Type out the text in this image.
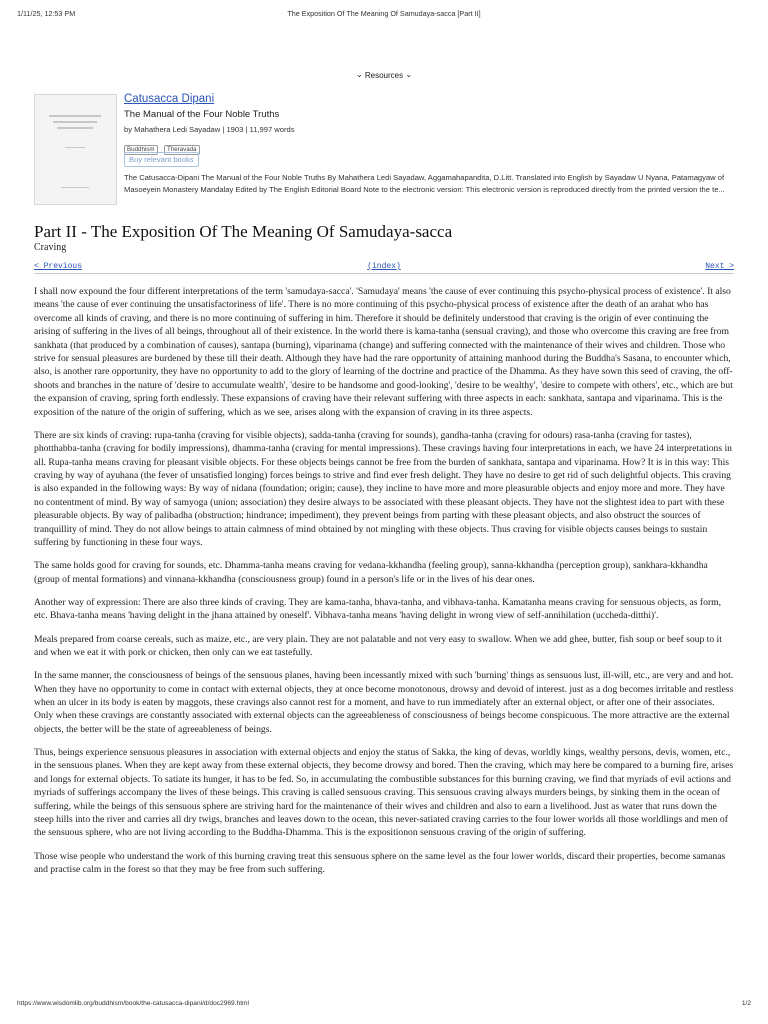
1/11/25, 12:53 PM	The Exposition Of The Meaning Of Samudaya-sacca [Part II]
⌄ Resources ⌄
Catusacca Dipani
The Manual of the Four Noble Truths
by Mahathera Ledi Sayadaw | 1903 | 11,997 words
Buddhism Theravada
Buy relevant books
The Catusacca-Dipani The Manual of the Four Noble Truths By Mahathera Ledi Sayadaw, Aggamahapandita, D.Litt. Translated into English by Sayadaw U Nyana, Patamagyaw of Masoeyein Monastery Mandalay Edited by The English Editorial Board Note to the electronic version: This electronic version is reproduced directly from the printed version the te...
Part II - The Exposition Of The Meaning Of Samudaya-sacca
Craving
< Previous	(index)	Next >

I shall now expound the four different interpretations of the term 'samudaya-sacca'. 'Samudaya' means 'the cause of ever continuing this psycho-physical process of existence'. It also means 'the cause of ever continuing the unsatisfactoriness of life'. There is no more continuing of this psycho-physical process of existence after the death of an arahat who has overcome all kinds of craving, and there is no more continuing of suffering in him. Therefore it should be definitely understood that craving is the origin of ever continuing the arising of suffering in the lives of all beings, throughout all of their existence. In the world there is kama-tanha (sensual craving), and those who overcome this craving are free from sankhata (that produced by a combination of causes), santapa (burning), viparinama (change) and suffering connected with the maintenance of their wives and children. Those who strive for sensual pleasures are burdened by these till their death. Although they have had the rare opportunity of attaining manhood during the Buddha's Sasana, to encounter which, also, is another rare opportunity, they have no opportunity to add to the glory of learning of the doctrine and practice of the Dhamma. As they have sown this seed of craving, the off-shoots and branches in the nature of 'desire to accumulate wealth', 'desire to be handsome and good-looking', 'desire to be wealthy', 'desire to compete with others', etc., which are but the expansion of craving, spring forth endlessly. These expansions of craving have their relevant suffering with three aspects in each: sankhata, santapa and viparinama. This is the exposition of the nature of the origin of suffering, which as we see, arises along with the expansion of craving in its three aspects.

There are six kinds of craving: rupa-tanha (craving for visible objects), sadda-tanha (craving for sounds), gandha-tanha (craving for odours) rasa-tanha (craving for tastes), photthabba-tanha (craving for bodily impressions), dhamma-tanha (craving for mental impressions). These cravings having four interpretations in each, we have 24 interpretations in all. Rupa-tanha means craving for pleasant visible objects. For these objects beings cannot be free from the burden of sankhata, santapa and viparinama. How? It is in this way: This craving by way of ayuhana (the fever of unsatisfied longing) forces beings to strive and find ever fresh delight. They have no desire to get rid of such delightful objects. This craving is also expanded in the following ways: By way of nidana (foundation; origin; cause), they incline to have more and more pleasurable objects and enjoy more and more. They have no contentment of mind. By way of samyoga (union; association) they desire always to be associated with these pleasant objects. They have not the slightest idea to part with these pleasurable objects. By way of palibadha (obstruction; hindrance; impediment), they prevent beings from parting with these pleasant objects, and also obstruct the sources of tranquillity of mind. They do not allow beings to attain calmness of mind obtained by not mingling with these objects. Thus craving for visible objects causes beings to sustain suffering by functioning in these four ways.

The same holds good for craving for sounds, etc. Dhamma-tanha means craving for vedana-kkhandha (feeling group), sanna-kkhandha (perception group), sankhara-kkhandha (group of mental formations) and vinnana-kkhandha (consciousness group) found in a person's life or in the lives of his dear ones.

Another way of expression: There are also three kinds of craving. They are kama-tanha, bhava-tanha, and vibhava-tanha. Kamatanha means craving for sensuous objects, as form, etc. Bhava-tanha means 'having delight in the jhana attained by oneself'. Vibhava-tanha means 'having delight in wrong view of self-annihilation (uccheda-ditthi)'.

Meals prepared from coarse cereals, such as maize, etc., are very plain. They are not palatable and not very easy to swallow. When we add ghee, butter, fish soup or beef soup to it and when we eat it with pork or chicken, then only can we eat tastefully.

In the same manner, the consciousness of beings of the sensuous planes, having been incessantly mixed with such 'burning' things as sensuous lust, ill-will, etc., are very and and hot. When they have no opportunity to come in contact with external objects, they at once become monotonous, drowsy and devoid of interest. just as a dog becomes irritable and restless when an ulcer in its body is eaten by maggots, these cravings also cannot rest for a moment, and have to run immediately after an external object, or after one of their associates. Only when these cravings are constantly associated with external objects can the agreeableness of consciousness of beings become conspicuous. The more attractive are the external objects, the better will be the state of agreeableness of beings.

Thus, beings experience sensuous pleasures in association with external objects and enjoy the status of Sakka, the king of devas, worldly kings, wealthy persons, devis, women, etc., in the sensuous planes. When they are kept away from these external objects, they become drowsy and bored. Then the craving, which may here be compared to a burning fire, arises and longs for external objects. To satiate its hunger, it has to be fed. So, in accumulating the combustible substances for this burning craving, we find that myriads of evil actions and myriads of sufferings accompany the lives of these beings. This craving is called sensuous craving. This sensuous craving always murders beings, by sinking them in the ocean of suffering, while the beings of this sensuous sphere are striving hard for the maintenance of their wives and children and also to earn a livelihood. Just as water that runs down the steep hills into the river and carries all dry twigs, branches and leaves down to the ocean, this never-satiated craving carries to the four lower worlds all those worldlings and men of the sensuous sphere, who are not living according to the Buddha-Dhamma. This is the expositionon sensuous craving of the origin of suffering.

Those wise people who understand the work of this burning craving treat this sensuous sphere on the same level as the four lower worlds, discard their properties, become samanas and practise calm in the forest so that they may be free from such suffering.

https://www.wisdomlib.org/buddhism/book/the-catusacca-dipani/d/doc2969.html	1/2
